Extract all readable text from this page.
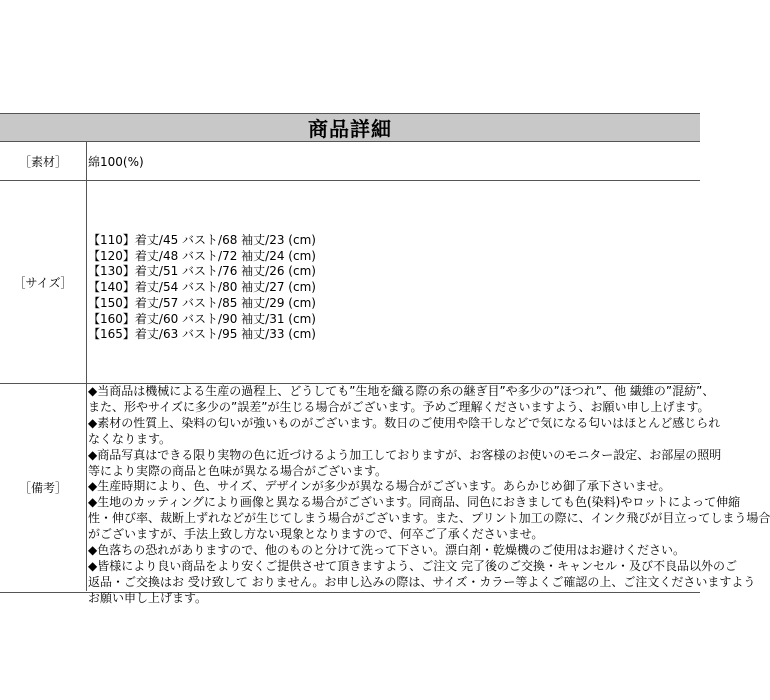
商品詳細
［素材］	綿100(%)
［サイズ］
【110】着丈/45 バスト/68 袖丈/23 (cm)
【120】着丈/48 バスト/72 袖丈/24 (cm)
【130】着丈/51 バスト/76 袖丈/26 (cm)
【140】着丈/54 バスト/80 袖丈/27 (cm)
【150】着丈/57 バスト/85 袖丈/29 (cm)
【160】着丈/60 バスト/90 袖丈/31 (cm)
【165】着丈/63 バスト/95 袖丈/33 (cm)
［備考］
◆当商品は機械による生産の過程上、どうしても”生地を織る際の糸の継ぎ目”や多少の”ほつれ”、他 繊維の”混紡”、
また、形やサイズに多少の”誤差”が生じる場合がございます。予めご理解くださいますよう、お願い申し上げます。
◆素材の性質上、染料の匂いが強いものがございます。数日のご使用や陰干しなどで気になる匂いはほとんど感じられ
なくなります。
◆商品写真はできる限り実物の色に近づけるよう加工しておりますが、お客様のお使いのモニター設定、お部屋の照明
等により実際の商品と色味が異なる場合がございます。
◆生産時期により、色、サイズ、デザインが多少が異なる場合がございます。あらかじめ御了承下さいませ。
◆生地のカッティングにより画像と異なる場合がございます。同商品、同色におきましても色(染料)やロットによって伸縮
性・伸び率、裁断上ずれなどが生じてしまう場合がございます。また、プリント加工の際に、インク飛びが目立ってしまう場合
がございますが、手法上致し方ない現象となりますので、何卒ご了承くださいませ。
◆色落ちの恐れがありますので、他のものと分けて洗って下さい。漂白剤・乾燥機のご使用はお避けください。
◆皆様により良い商品をより安くご提供させて頂きますよう、ご注文 完了後のご交換・キャンセル・及び不良品以外のご
返品・ご交換はお 受け致して おりません。お申し込みの際は、サイズ・カラー等よくご確認の上、ご注文くださいますよう
お願い申し上げます。
